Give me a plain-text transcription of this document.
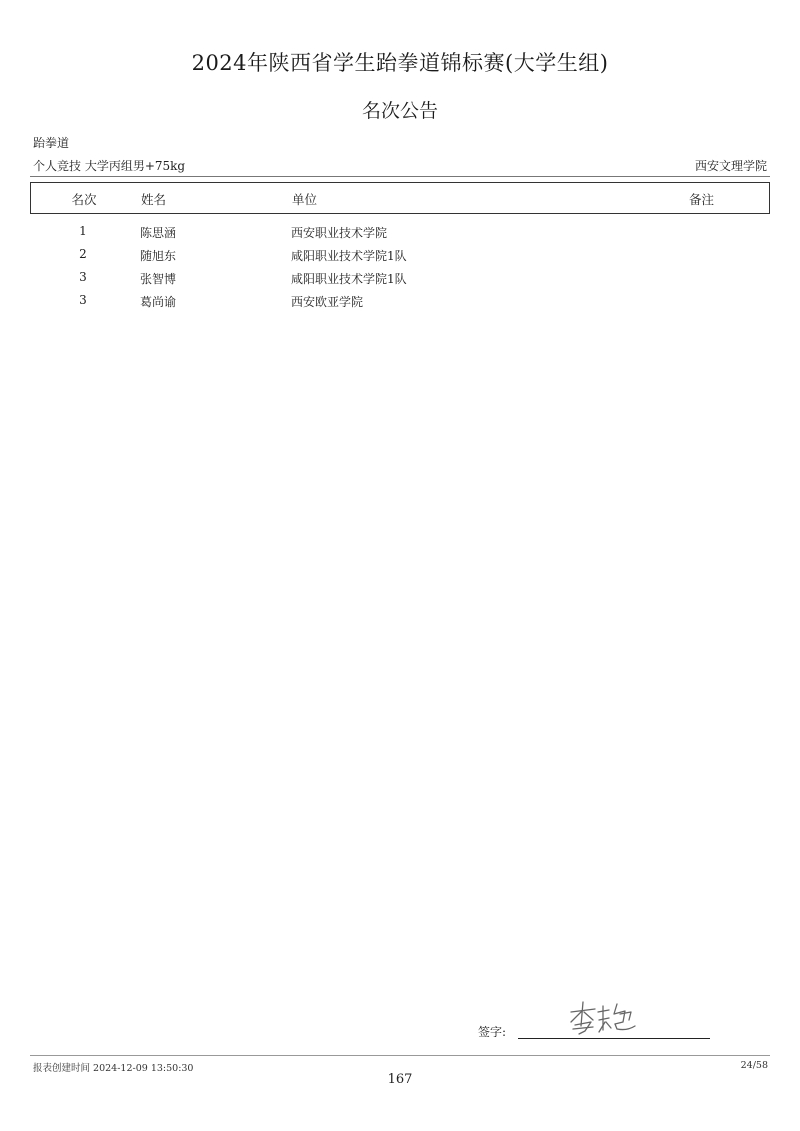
2024年陕西省学生跆拳道锦标赛(大学生组)
名次公告
跆拳道
个人竞技 大学丙组男+75kg	西安文理学院
名次	姓名	单位	备注
1	陈思涵	西安职业技术学院
2	随旭东	咸阳职业技术学院1队
3	张智博	咸阳职业技术学院1队
3	葛尚谕	西安欧亚学院
签字:
报表创建时间 2024-12-09 13:50:30	24/58
167
